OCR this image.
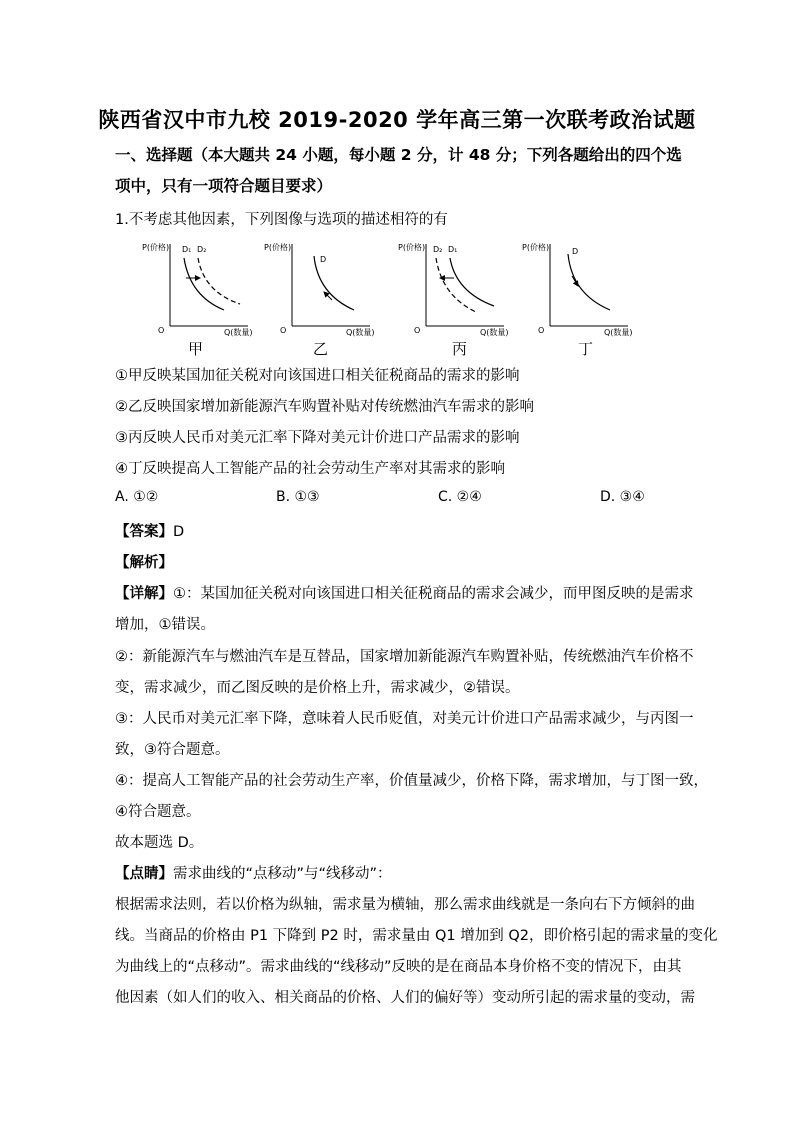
陕西省汉中市九校 2019-2020 学年高三第一次联考政治试题
一、选择题（本大题共 24 小题，每小题 2 分，计 48 分；下列各题给出的四个选
项中，只有一项符合题目要求）
1.不考虑其他因素，下列图像与选项的描述相符的有
P(价格)
Q(数量)
O
D₁ D₂
甲
P(价格)
Q(数量)
O
D
乙
P(价格)
Q(数量)
O
D₂ D₁
丙
P(价格)
Q(数量)
O
D
丁
①甲反映某国加征关税对向该国进口相关征税商品的需求的影响
②乙反映国家增加新能源汽车购置补贴对传统燃油汽车需求的影响
③丙反映人民币对美元汇率下降对美元计价进口产品需求的影响
④丁反映提高人工智能产品的社会劳动生产率对其需求的影响
A. ①②	B. ①③	C. ②④	D. ③④
【答案】D
【解析】
【详解】①：某国加征关税对向该国进口相关征税商品的需求会减少，而甲图反映的是需求
增加，①错误。
②：新能源汽车与燃油汽车是互替品，国家增加新能源汽车购置补贴，传统燃油汽车价格不
变，需求减少，而乙图反映的是价格上升，需求减少，②错误。
③：人民币对美元汇率下降，意味着人民币贬值，对美元计价进口产品需求减少，与丙图一
致，③符合题意。
④：提高人工智能产品的社会劳动生产率，价值量减少，价格下降，需求增加，与丁图一致，
④符合题意。
故本题选 D。
【点睛】需求曲线的“点移动”与“线移动”：
根据需求法则，若以价格为纵轴，需求量为横轴，那么需求曲线就是一条向右下方倾斜的曲
线。当商品的价格由 P1 下降到 P2 时，需求量由 Q1 增加到 Q2，即价格引起的需求量的变化
为曲线上的“点移动”。需求曲线的“线移动”反映的是在商品本身价格不变的情况下，由其
他因素（如人们的收入、相关商品的价格、人们的偏好等）变动所引起的需求量的变动，需
